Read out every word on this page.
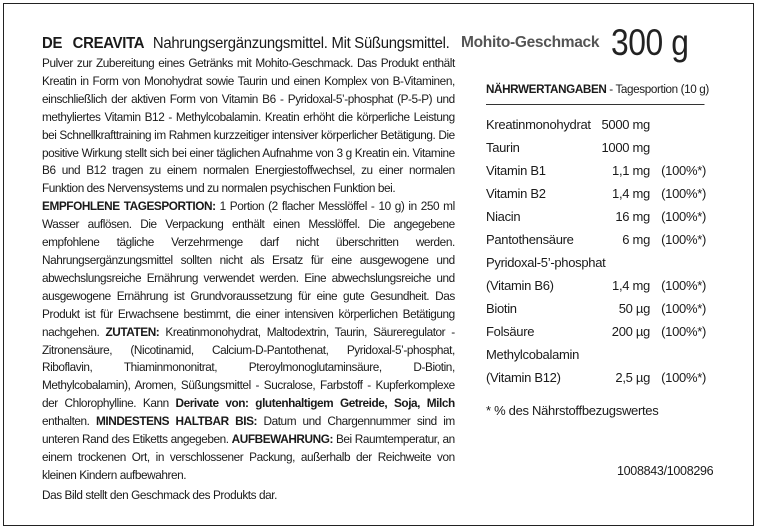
DE CREAVITA Nahrungsergänzungsmittel. Mit Süßungsmittel.

Pulver zur Zubereitung eines Getränks mit Mohito-Geschmack. Das Produkt enthält Kreatin in Form von Monohydrat sowie Taurin und einen Komplex von B-Vitaminen, einschließlich der aktiven Form von Vitamin B6 - Pyridoxal-5’-phosphat (P-5-P) und methyliertes Vitamin B12 - Methylcobalamin. Kreatin erhöht die körperliche Leistung bei Schnellkrafttraining im Rahmen kurzzeitiger intensiver körperlicher Betätigung. Die positive Wirkung stellt sich bei einer täglichen Aufnahme von 3 g Kreatin ein. Vitamine B6 und B12 tragen zu einem normalen Energiestoffwechsel, zu einer normalen Funktion des Nervensystems und zu normalen psychischen Funktion bei.

EMPFOHLENE TAGESPORTION: 1 Portion (2 flacher Messlöffel - 10 g) in 250 ml Wasser auflösen. Die Verpackung enthält einen Messlöffel. Die angegebene empfohlene tägliche Verzehrmenge darf nicht überschritten werden. Nahrungsergänzungsmittel sollten nicht als Ersatz für eine ausgewogene und abwechslungsreiche Ernährung verwendet werden. Eine abwechslungsreiche und ausgewogene Ernährung ist Grundvoraussetzung für eine gute Gesundheit. Das Produkt ist für Erwachsene bestimmt, die einer intensiven körperlichen Betätigung nachgehen. ZUTATEN: Kreatinmonohydrat, Maltodextrin, Taurin, Säureregulator - Zitronensäure, (Nicotinamid, Calcium-D-Pantothenat, Pyridoxal-5’-phosphat, Riboflavin, Thiaminmononitrat, Pteroylmonoglutaminsäure, D-Biotin, Methylcobalamin), Aromen, Süßungsmittel - Sucralose, Farbstoff - Kupferkomplexe der Chlorophylline. Kann Derivate von: glutenhaltigem Getreide, Soja, Milch enthalten. MINDESTENS HALTBAR BIS: Datum und Chargennummer sind im unteren Rand des Etiketts angegeben. AUFBEWAHRUNG: Bei Raumtemperatur, an einem trockenen Ort, in verschlossener Packung, außerhalb der Reichweite von kleinen Kindern aufbewahren.

Das Bild stellt den Geschmack des Produkts dar.

Mohito-Geschmack 300 g
NÄHRWERTANGABEN - Tagesportion (10 g)
Kreatinmonohydrat	5000 mg	
Taurin	1000 mg	
Vitamin B1	1,1 mg	(100%*)
Vitamin B2	1,4 mg	(100%*)
Niacin	16 mg	(100%*)
Pantothensäure	6 mg	(100%*)
Pyridoxal-5’-phosphat		
(Vitamin B6)	1,4 mg	(100%*)
Biotin	50 µg	(100%*)
Folsäure	200 µg	(100%*)
Methylcobalamin		
(Vitamin B12)	2,5 µg	(100%*)
* % des Nährstoffbezugswertes
1008843/1008296
